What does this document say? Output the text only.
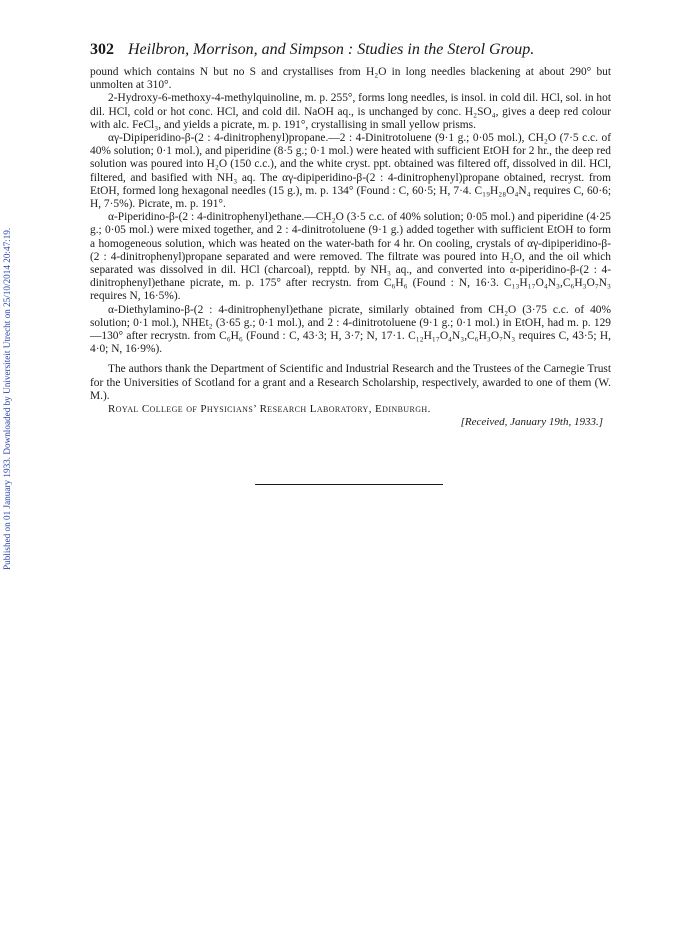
Published on 01 January 1933. Downloaded by Universiteit Utrecht on 25/10/2014 20:47:19.
302 Heilbron, Morrison, and Simpson : Studies in the Sterol Group.

pound which contains N but no S and crystallises from H₂O in long needles blackening at about 290° but unmolten at 310°.

2-Hydroxy-6-methoxy-4-methylquinoline, m. p. 255°, forms long needles, is insol. in cold dil. HCl, sol. in hot dil. HCl, cold or hot conc. HCl, and cold dil. NaOH aq., is unchanged by conc. H₂SO₄, gives a deep red colour with alc. FeCl₃, and yields a picrate, m. p. 191°, crystallising in small yellow prisms.

αγ-Dipiperidino-β-(2 : 4-dinitrophenyl)propane.—2 : 4-Dinitrotoluene (9·1 g.; 0·05 mol.), CH₂O (7·5 c.c. of 40% solution; 0·1 mol.), and piperidine (8·5 g.; 0·1 mol.) were heated with sufficient EtOH for 2 hr., the deep red solution was poured into H₂O (150 c.c.), and the white cryst. ppt. obtained was filtered off, dissolved in dil. HCl, filtered, and basified with NH₃ aq. The αγ-dipiperidino-β-(2 : 4-dinitrophenyl)propane obtained, recryst. from EtOH, formed long hexagonal needles (15 g.), m. p. 134° (Found : C, 60·5; H, 7·4. C₁₉H₂₈O₄N₄ requires C, 60·6; H, 7·5%). Picrate, m. p. 191°.

α-Piperidino-β-(2 : 4-dinitrophenyl)ethane.—CH₂O (3·5 c.c. of 40% solution; 0·05 mol.) and piperidine (4·25 g.; 0·05 mol.) were mixed together, and 2 : 4-dinitrotoluene (9·1 g.) added together with sufficient EtOH to form a homogeneous solution, which was heated on the water-bath for 4 hr. On cooling, crystals of αγ-dipiperidino-β-(2 : 4-dinitrophenyl)propane separated and were removed. The filtrate was poured into H₂O, and the oil which separated was dissolved in dil. HCl (charcoal), repptd. by NH₃ aq., and converted into α-piperidino-β-(2 : 4-dinitrophenyl)ethane picrate, m. p. 175° after recrystn. from C₆H₆ (Found : N, 16·3. C₁₃H₁₇O₄N₃,C₆H₃O₇N₃ requires N, 16·5%).

α-Diethylamino-β-(2 : 4-dinitrophenyl)ethane picrate, similarly obtained from CH₂O (3·75 c.c. of 40% solution; 0·1 mol.), NHEt₂ (3·65 g.; 0·1 mol.), and 2 : 4-dinitrotoluene (9·1 g.; 0·1 mol.) in EtOH, had m. p. 129—130° after recrystn. from C₆H₆ (Found : C, 43·3; H, 3·7; N, 17·1. C₁₂H₁₇O₄N₃,C₆H₃O₇N₃ requires C, 43·5; H, 4·0; N, 16·9%).

The authors thank the Department of Scientific and Industrial Research and the Trustees of the Carnegie Trust for the Universities of Scotland for a grant and a Research Scholarship, respectively, awarded to one of them (W. M.).

Royal College of Physicians’ Research Laboratory, Edinburgh.

[Received, January 19th, 1933.]
